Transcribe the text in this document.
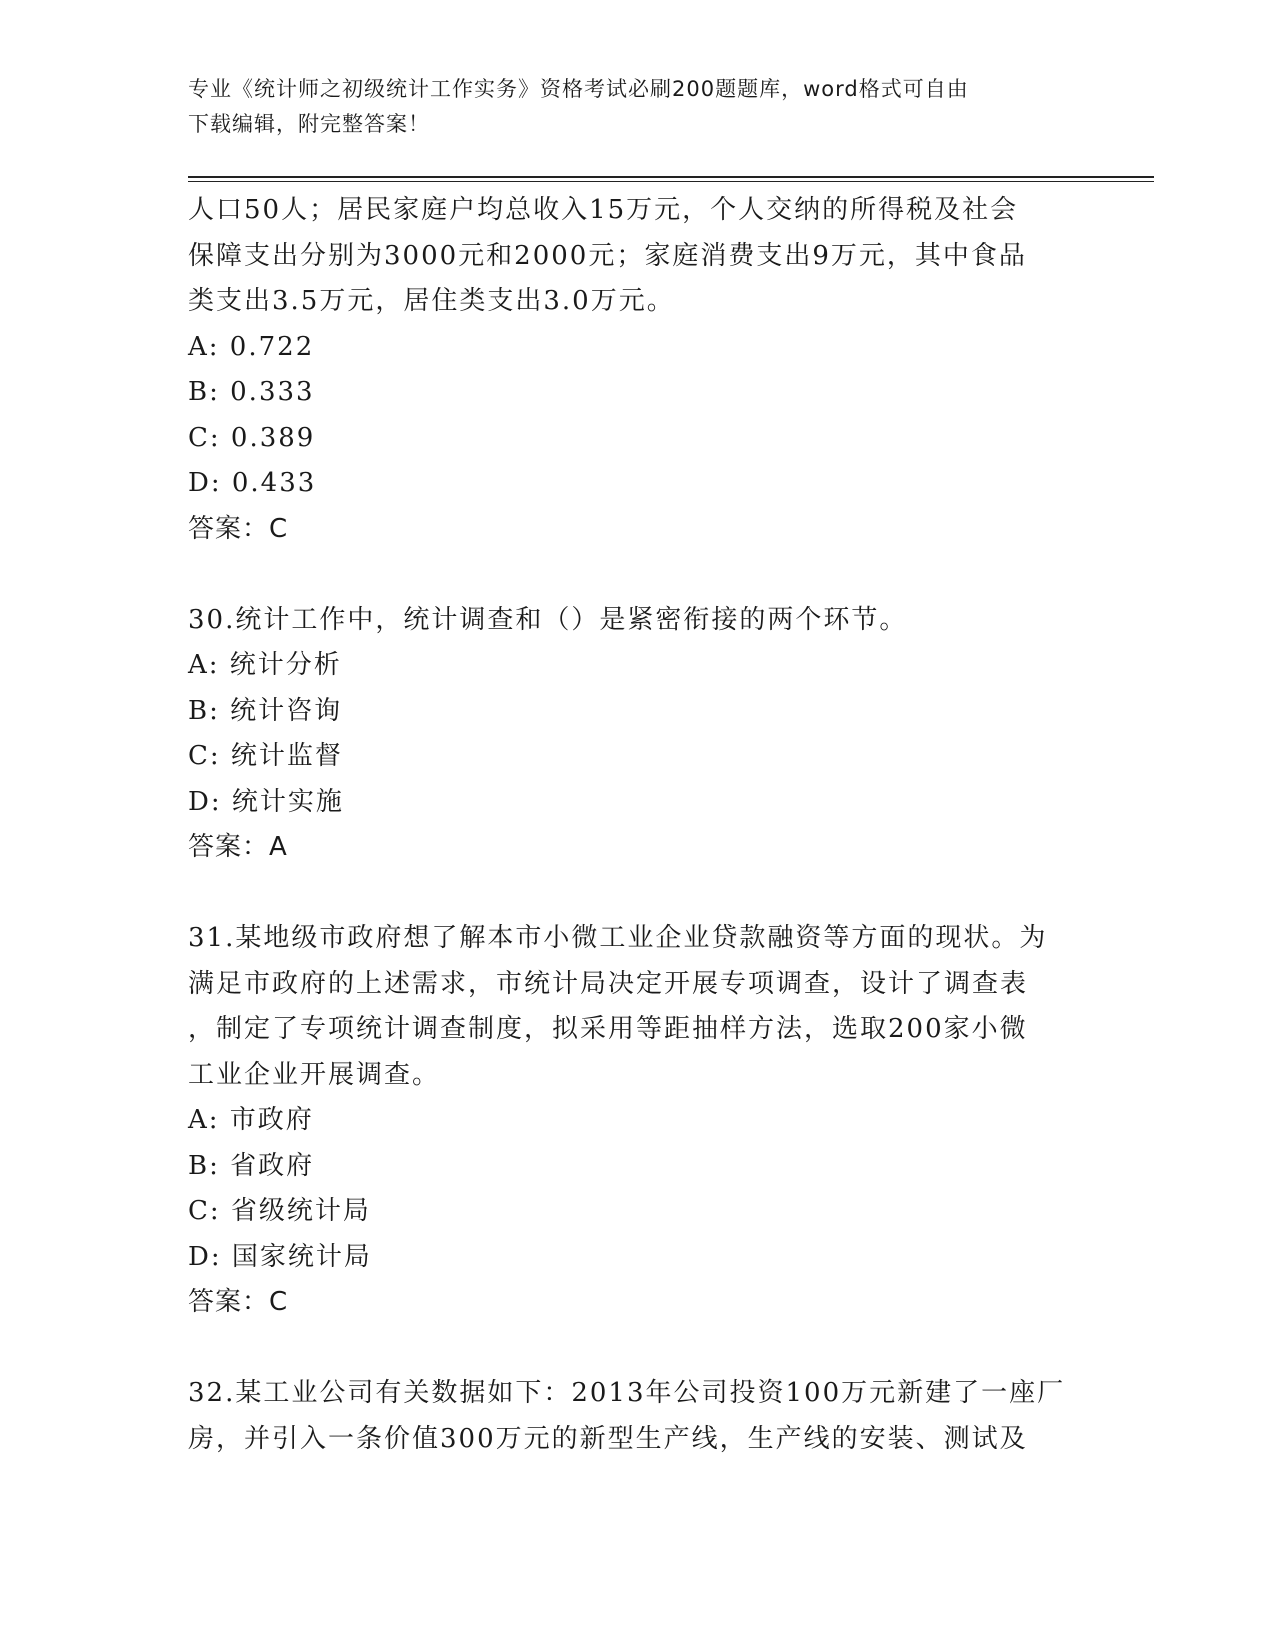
专业《统计师之初级统计工作实务》资格考试必刷200题题库，word格式可自由
下载编辑，附完整答案！
人口50人；居民家庭户均总收入15万元，个人交纳的所得税及社会
保障支出分别为3000元和2000元；家庭消费支出9万元，其中食品
类支出3.5万元，居住类支出3.0万元。
A: 0.722
B: 0.333
C: 0.389
D: 0.433
答案：C
30.统计工作中，统计调查和（）是紧密衔接的两个环节。
A: 统计分析
B: 统计咨询
C: 统计监督
D: 统计实施
答案：A
31.某地级市政府想了解本市小微工业企业贷款融资等方面的现状。为
满足市政府的上述需求，市统计局决定开展专项调查，设计了调查表
，制定了专项统计调查制度，拟采用等距抽样方法，选取200家小微
工业企业开展调查。
A: 市政府
B: 省政府
C: 省级统计局
D: 国家统计局
答案：C
32.某工业公司有关数据如下：2013年公司投资100万元新建了一座厂
房，并引入一条价值300万元的新型生产线，生产线的安装、测试及
